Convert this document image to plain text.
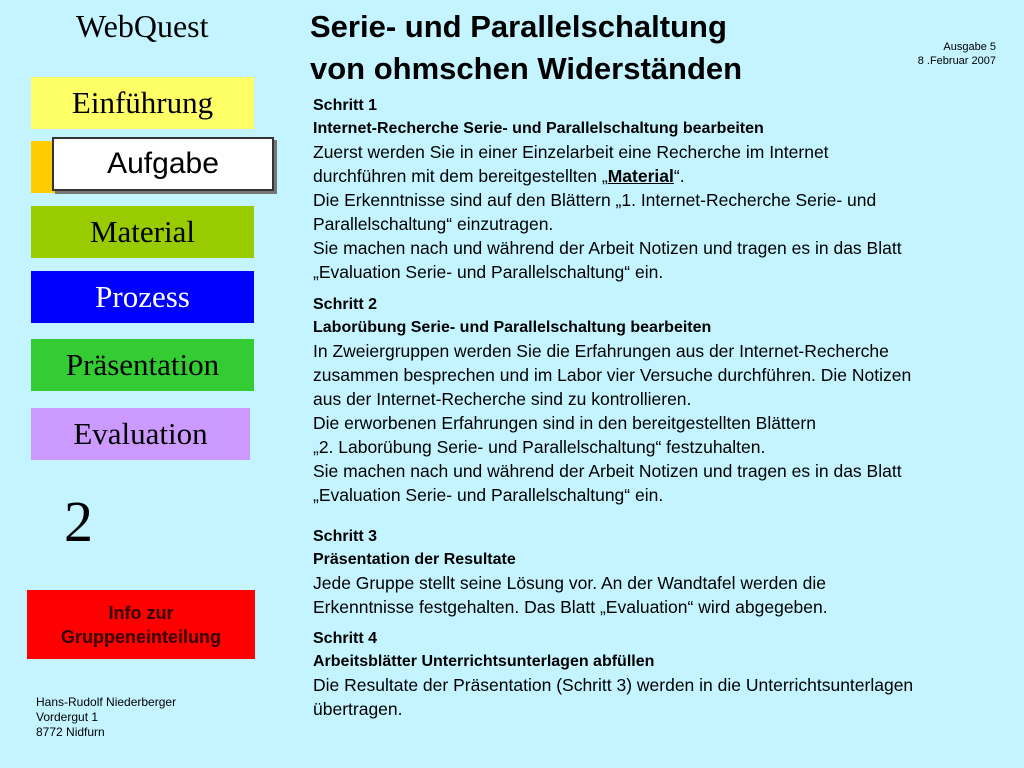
WebQuest	Serie- und Parallelschaltung
von ohmschen Widerständen
Ausgabe 5
8 .Februar 2007
Einführung
Aufgabe
Material
Prozess
Präsentation
Evaluation
2
Info zur
Gruppeneinteilung
Hans-Rudolf Niederberger
Vordergut 1
8772 Nidfurn
Schritt 1
Internet-Recherche Serie- und Parallelschaltung bearbeiten
Zuerst werden Sie in einer Einzelarbeit eine Recherche im Internet
durchführen mit dem bereitgestellten „Material“.
Die Erkenntnisse sind auf den Blättern „1. Internet-Recherche Serie- und
Parallelschaltung“ einzutragen.
Sie machen nach und während der Arbeit Notizen und tragen es in das Blatt
„Evaluation Serie- und Parallelschaltung“ ein.
Schritt 2
Laborübung Serie- und Parallelschaltung bearbeiten
In Zweiergruppen werden Sie die Erfahrungen aus der Internet-Recherche
zusammen besprechen und im Labor vier Versuche durchführen. Die Notizen
aus der Internet-Recherche sind zu kontrollieren.
Die erworbenen Erfahrungen sind in den bereitgestellten Blättern
„2. Laborübung Serie- und Parallelschaltung“ festzuhalten.
Sie machen nach und während der Arbeit Notizen und tragen es in das Blatt
„Evaluation Serie- und Parallelschaltung“ ein.
Schritt 3
Präsentation der Resultate
Jede Gruppe stellt seine Lösung vor. An der Wandtafel werden die
Erkenntnisse festgehalten. Das Blatt „Evaluation“ wird abgegeben.
Schritt 4
Arbeitsblätter Unterrichtsunterlagen abfüllen
Die Resultate der Präsentation (Schritt 3) werden in die Unterrichtsunterlagen
übertragen.
